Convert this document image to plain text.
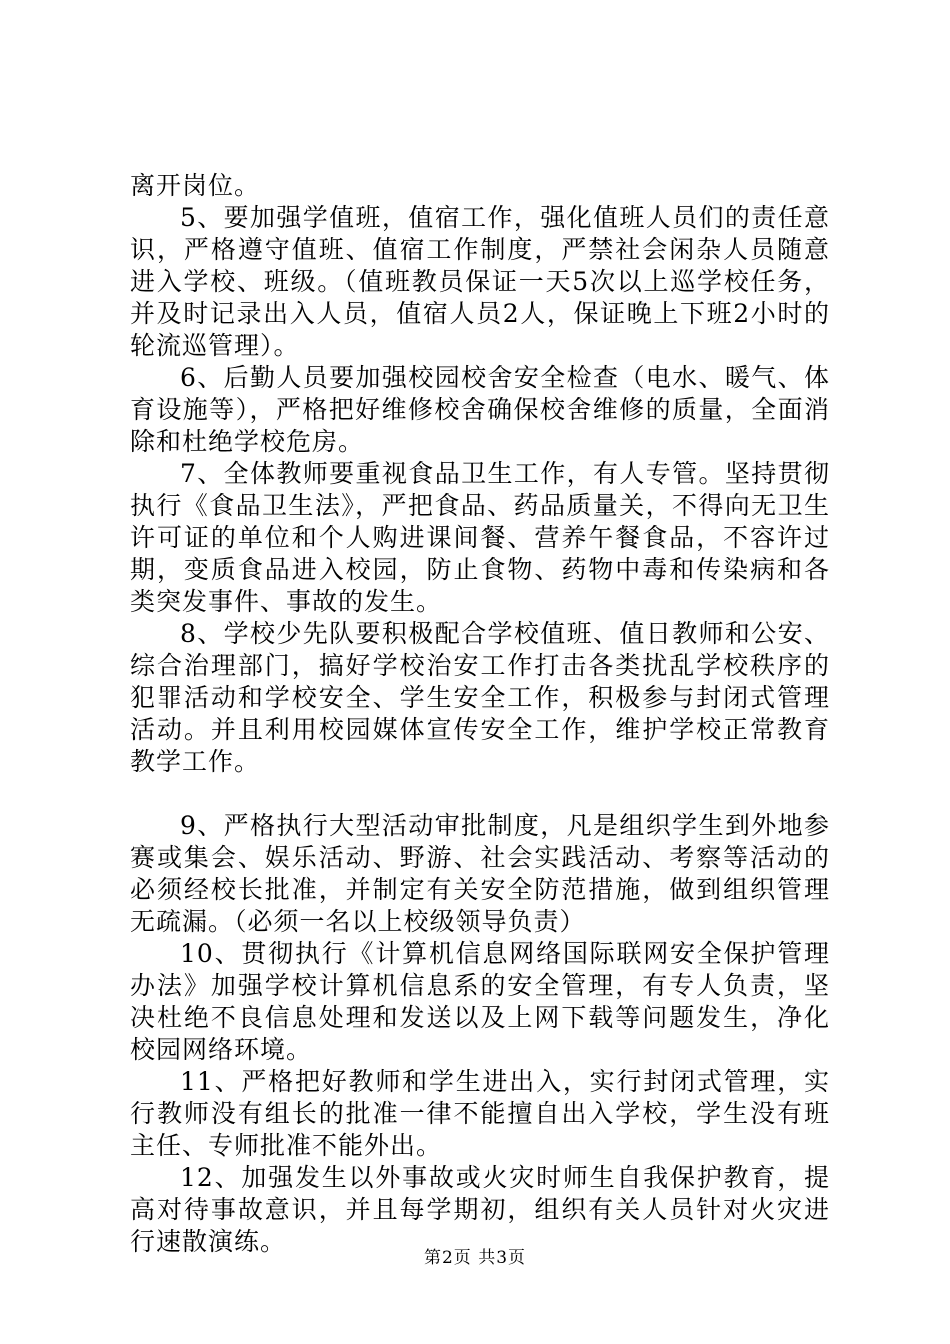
离开岗位。

5、要加强学值班，值宿工作，强化值班人员们的责任意识，严格遵守值班、值宿工作制度，严禁社会闲杂人员随意进入学校、班级。（值班教员保证一天5次以上巡学校任务，并及时记录出入人员，值宿人员2人，保证晚上下班2小时的轮流巡管理）。

6、后勤人员要加强校园校舍安全检查（电水、暖气、体育设施等），严格把好维修校舍确保校舍维修的质量，全面消除和杜绝学校危房。

7、全体教师要重视食品卫生工作，有人专管。坚持贯彻执行《食品卫生法》，严把食品、药品质量关，不得向无卫生许可证的单位和个人购进课间餐、营养午餐食品，不容许过期，变质食品进入校园，防止食物、药物中毒和传染病和各类突发事件、事故的发生。

8、学校少先队要积极配合学校值班、值日教师和公安、综合治理部门，搞好学校治安工作打击各类扰乱学校秩序的犯罪活动和学校安全、学生安全工作，积极参与封闭式管理活动。并且利用校园媒体宣传安全工作，维护学校正常教育教学工作。

9、严格执行大型活动审批制度，凡是组织学生到外地参赛或集会、娱乐活动、野游、社会实践活动、考察等活动的必须经校长批准，并制定有关安全防范措施，做到组织管理无疏漏。（必须一名以上校级领导负责）

10、贯彻执行《计算机信息网络国际联网安全保护管理办法》加强学校计算机信息系的安全管理，有专人负责，坚决杜绝不良信息处理和发送以及上网下载等问题发生，净化校园网络环境。

11、严格把好教师和学生进出入，实行封闭式管理，实行教师没有组长的批准一律不能擅自出入学校，学生没有班主任、专师批准不能外出。

12、加强发生以外事故或火灾时师生自我保护教育，提高对待事故意识，并且每学期初，组织有关人员针对火灾进行速散演练。

第2页 共3页
